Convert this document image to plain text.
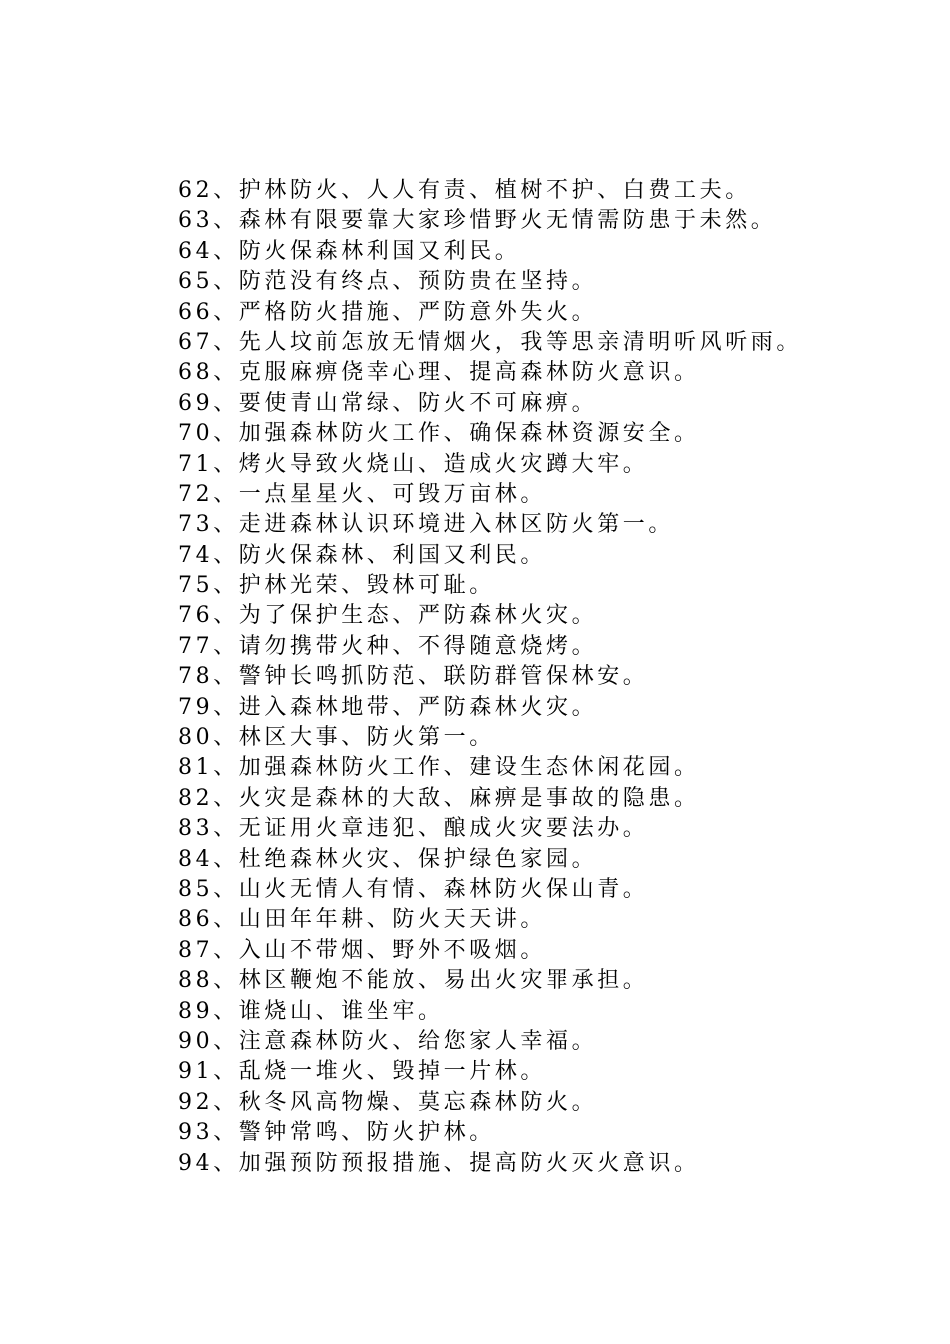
62、护林防火、人人有责、植树不护、白费工夫。
63、森林有限要靠大家珍惜野火无情需防患于未然。
64、防火保森林利国又利民。
65、防范没有终点、预防贵在坚持。
66、严格防火措施、严防意外失火。
67、先人坟前怎放无情烟火，我等思亲清明听风听雨。
68、克服麻痹侥幸心理、提高森林防火意识。
69、要使青山常绿、防火不可麻痹。
70、加强森林防火工作、确保森林资源安全。
71、烤火导致火烧山、造成火灾蹲大牢。
72、一点星星火、可毁万亩林。
73、走进森林认识环境进入林区防火第一。
74、防火保森林、利国又利民。
75、护林光荣、毁林可耻。
76、为了保护生态、严防森林火灾。
77、请勿携带火种、不得随意烧烤。
78、警钟长鸣抓防范、联防群管保林安。
79、进入森林地带、严防森林火灾。
80、林区大事、防火第一。
81、加强森林防火工作、建设生态休闲花园。
82、火灾是森林的大敌、麻痹是事故的隐患。
83、无证用火章违犯、酿成火灾要法办。
84、杜绝森林火灾、保护绿色家园。
85、山火无情人有情、森林防火保山青。
86、山田年年耕、防火天天讲。
87、入山不带烟、野外不吸烟。
88、林区鞭炮不能放、易出火灾罪承担。
89、谁烧山、谁坐牢。
90、注意森林防火、给您家人幸福。
91、乱烧一堆火、毁掉一片林。
92、秋冬风高物燥、莫忘森林防火。
93、警钟常鸣、防火护林。
94、加强预防预报措施、提高防火灭火意识。
